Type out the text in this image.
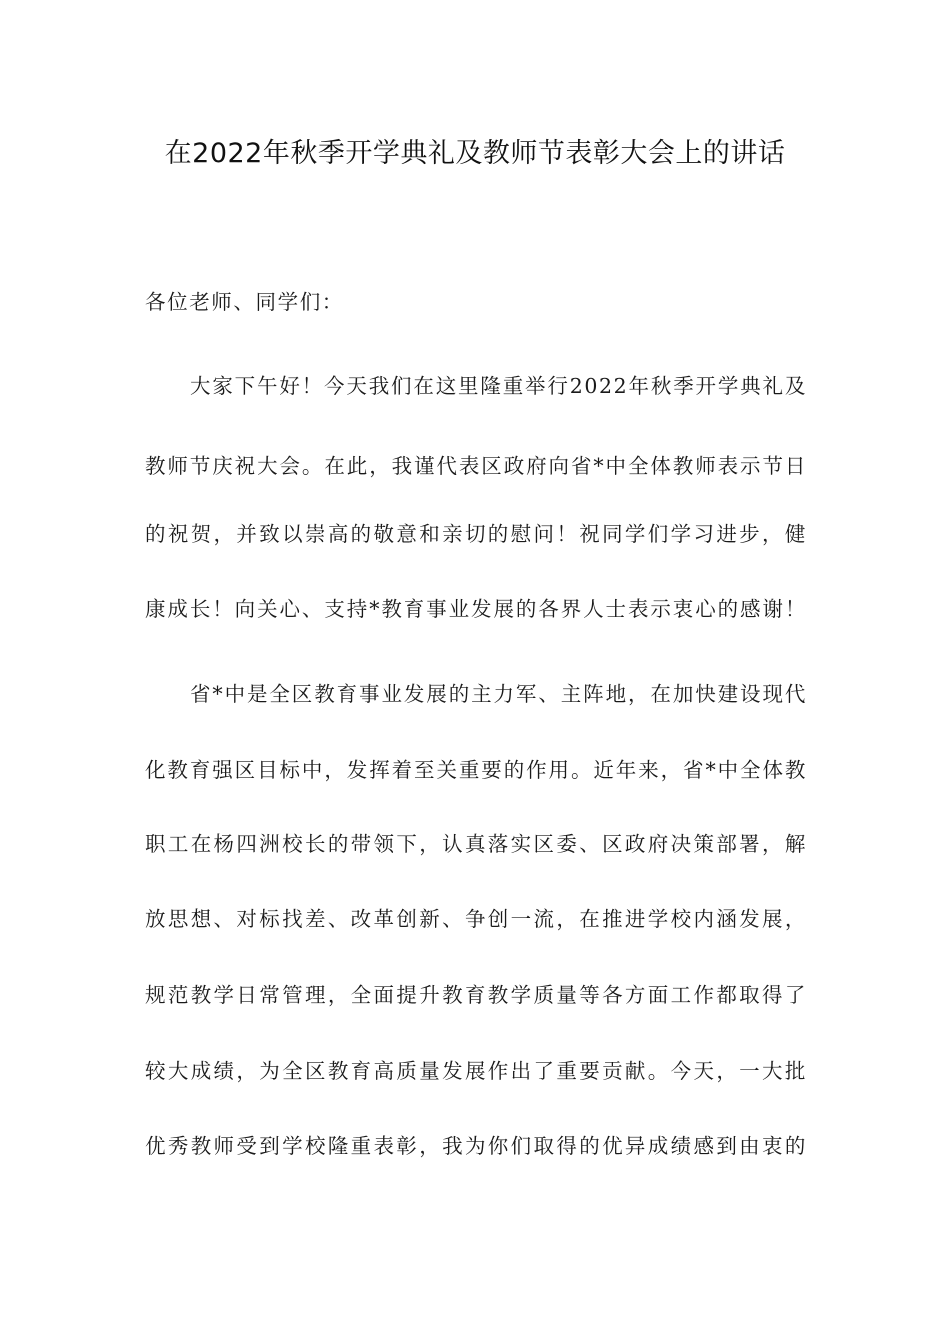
在2022年秋季开学典礼及教师节表彰大会上的讲话
各位老师、同学们：
大家下午好！今天我们在这里隆重举行2022年秋季开学典礼及
教师节庆祝大会。在此，我谨代表区政府向省*中全体教师表示节日
的祝贺，并致以崇高的敬意和亲切的慰问！祝同学们学习进步，健
康成长！向关心、支持*教育事业发展的各界人士表示衷心的感谢！
省*中是全区教育事业发展的主力军、主阵地，在加快建设现代
化教育强区目标中，发挥着至关重要的作用。近年来，省*中全体教
职工在杨四洲校长的带领下，认真落实区委、区政府决策部署，解
放思想、对标找差、改革创新、争创一流，在推进学校内涵发展，
规范教学日常管理，全面提升教育教学质量等各方面工作都取得了
较大成绩，为全区教育高质量发展作出了重要贡献。今天，一大批
优秀教师受到学校隆重表彰，我为你们取得的优异成绩感到由衷的
